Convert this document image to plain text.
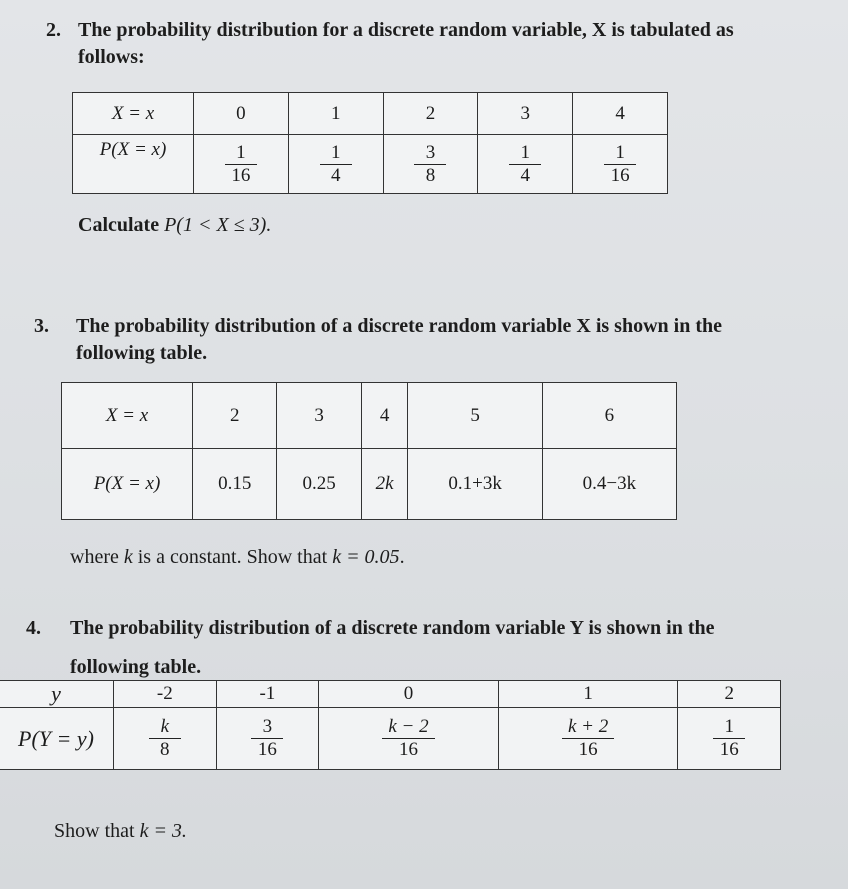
2. The probability distribution for a discrete random variable, X is tabulated as
follows:
X = x	0	1	2	3	4
P(X = x)	$\frac{1}{16}$	$\frac{1}{4}$	$\frac{3}{8}$	$\frac{1}{4}$	$\frac{1}{16}$
Calculate P(1 < X ≤ 3).
3. The probability distribution of a discrete random variable X is shown in the
following table.
X = x	2	3	4	5	6
P(X = x)	0.15	0.25	2k	0.1+3k	0.4−3k
where k is a constant. Show that k = 0.05.
4. The probability distribution of a discrete random variable Y is shown in the
following table.
y	-2	-1	0	1	2
P(Y = y)	$\frac{k}{8}$	$\frac{3}{16}$	$\frac{k - 2}{16}$	$\frac{k + 2}{16}$	$\frac{1}{16}$
Show that k = 3.
